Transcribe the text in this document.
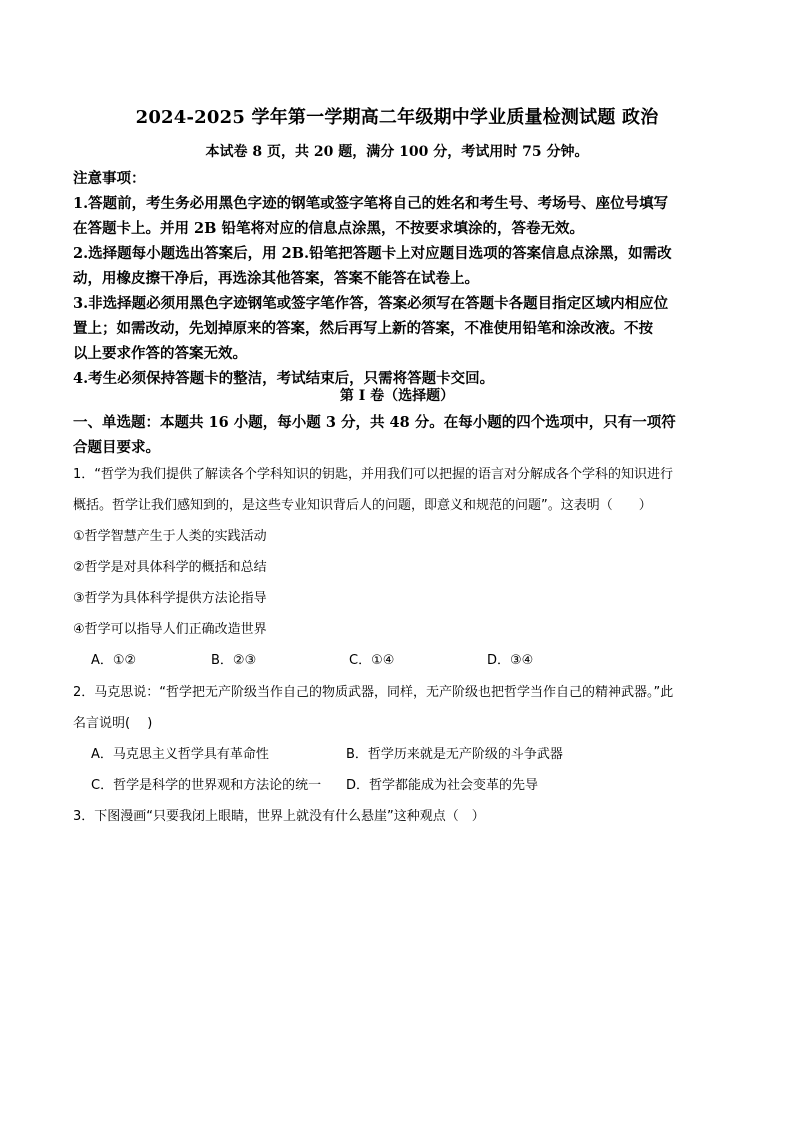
2024-2025 学年第一学期高二年级期中学业质量检测试题 政治
本试卷 8 页，共 20 题，满分 100 分，考试用时 75 分钟。

注意事项：

1.答题前，考生务必用黑色字迹的钢笔或签字笔将自己的姓名和考生号、考场号、座位号填写

在答题卡上。并用 2B 铅笔将对应的信息点涂黑，不按要求填涂的，答卷无效。

2.选择题每小题选出答案后，用 2B.铅笔把答题卡上对应题目选项的答案信息点涂黑，如需改

动，用橡皮擦干净后，再选涂其他答案，答案不能答在试卷上。

3.非选择题必须用黑色字迹钢笔或签字笔作答，答案必须写在答题卡各题目指定区域内相应位

置上；如需改动，先划掉原来的答案，然后再写上新的答案，不准使用铅笔和涂改液。不按

以上要求作答的答案无效。

4.考生必须保持答题卡的整洁，考试结束后，只需将答题卡交回。

第 I 卷（选择题）

一、单选题：本题共 16 小题，每小题 3 分，共 48 分。在每小题的四个选项中，只有一项符

合题目要求。

1．“哲学为我们提供了解读各个学科知识的钥匙，并用我们可以把握的语言对分解成各个学科的知识进行

概括。哲学让我们感知到的，是这些专业知识背后人的问题，即意义和规范的问题”。这表明（　　）

①哲学智慧产生于人类的实践活动

②哲学是对具体科学的概括和总结

③哲学为具体科学提供方法论指导

④哲学可以指导人们正确改造世界

A．①②	B．②③	C．①④	D．③④

2．马克思说：“哲学把无产阶级当作自己的物质武器，同样，无产阶级也把哲学当作自己的精神武器。”此

名言说明(　 )

A．马克思主义哲学具有革命性	B．哲学历来就是无产阶级的斗争武器
C．哲学是科学的世界观和方法论的统一	D．哲学都能成为社会变革的先导

3．下图漫画“只要我闭上眼睛，世界上就没有什么悬崖”这种观点（　）
